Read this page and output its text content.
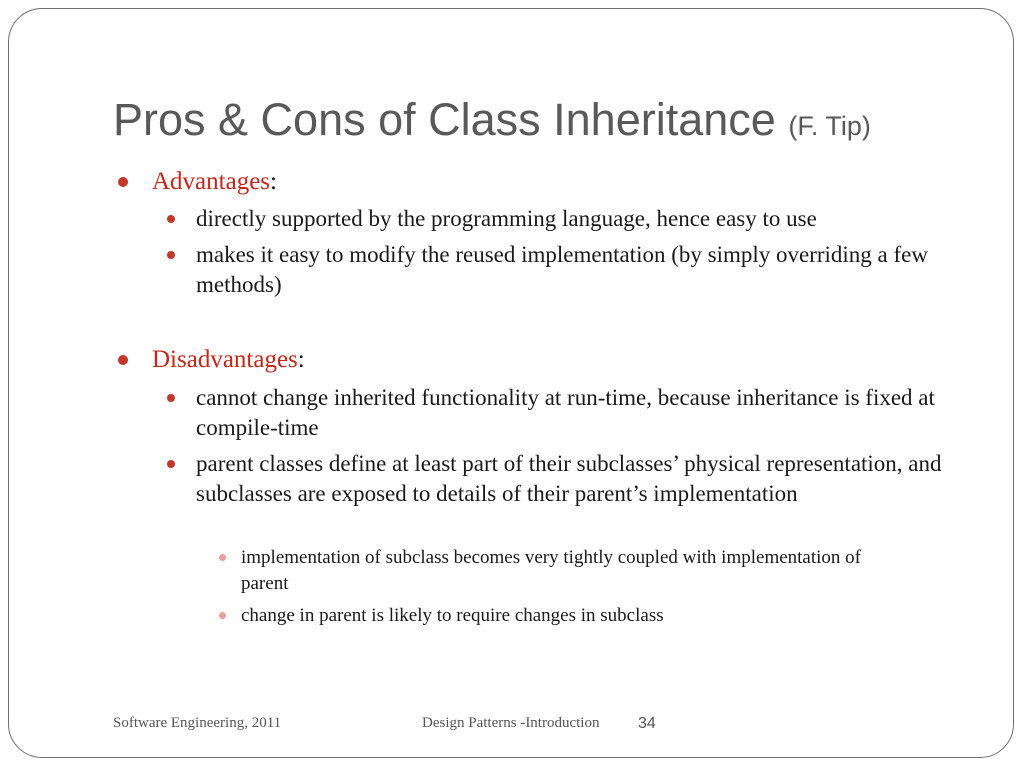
Pros & Cons of Class Inheritance (F. Tip)
Advantages:
directly supported by the programming language, hence easy to use
makes it easy to modify the reused implementation (by simply overriding a few methods)
Disadvantages:
cannot change inherited functionality at run-time, because inheritance is fixed at compile-time
parent classes define at least part of their subclasses’ physical representation, and subclasses are exposed to details of their parent’s implementation
implementation of subclass becomes very tightly coupled with implementation of parent
change in parent is likely to require changes in subclass
Software Engineering, 2011	Design Patterns -Introduction 34
